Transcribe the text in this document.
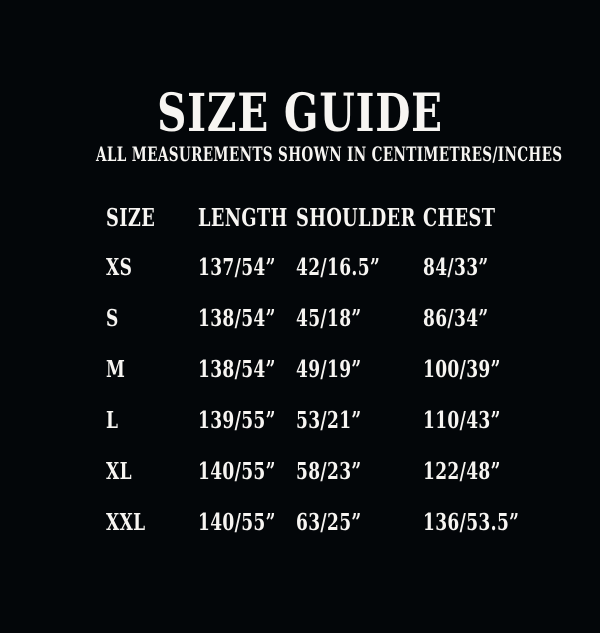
SIZE GUIDE
ALL MEASUREMENTS SHOWN IN CENTIMETRES/INCHES
SIZE LENGTH SHOULDER CHEST
XS	137/54” 42/16.5” 84/33”
S	138/54” 45/18”	86/34”
M	138/54” 49/19”	100/39”
L	139/55” 53/21”	110/43”
XL	140/55” 58/23”	122/48”
XXL 140/55” 63/25”	136/53.5”
